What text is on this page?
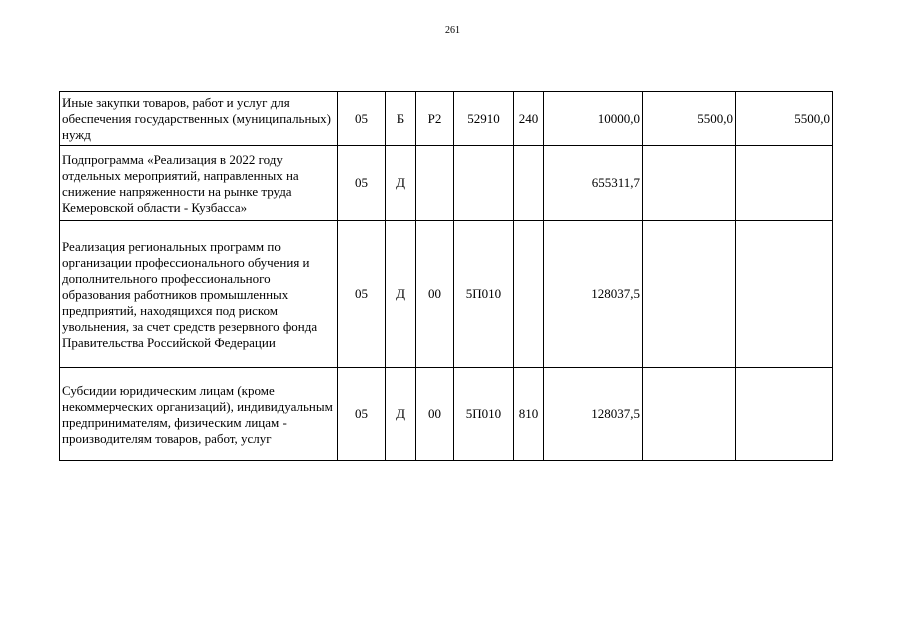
261
Иные закупки товаров, работ и услуг для обеспечения государственных (муниципальных) нужд	05	Б	Р2	52910	240	10000,0	5500,0	5500,0

Подпрограмма «Реализация в 2022 году отдельных мероприятий, направленных на снижение напряженности на рынке труда Кемеровской области - Кузбасса»	05	Д				655311,7		

Реализация региональных программ по организации профессионального обучения и дополнительного профессионального образования работников промышленных предприятий, находящихся под риском увольнения, за счет средств резервного фонда Правительства Российской Федерации	05	Д	00	5П010		128037,5		

Субсидии юридическим лицам (кроме некоммерческих организаций), индивидуальным предпринимателям, физическим лицам - производителям товаров, работ, услуг	05	Д	00	5П010	810	128037,5		
